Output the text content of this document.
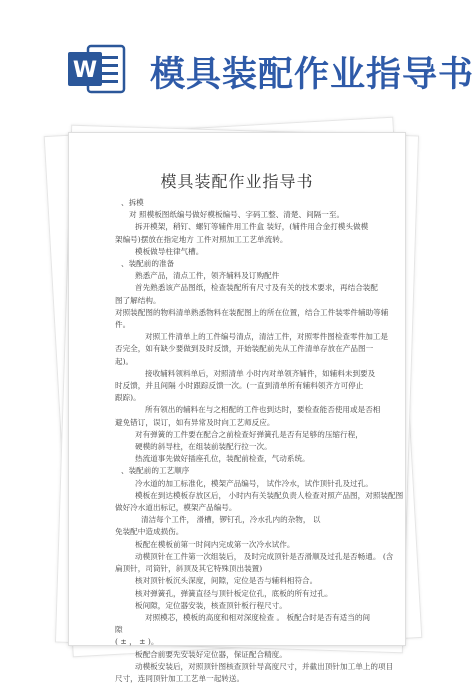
W 模具装配作业指导书
模具装配作业指导书
、拆模
对 照模板图纸编号做好模板编号、字码工整、清楚、间隔一至。
拆开模架，稍钉、螺钉等辅件用工件盒 装好，(辅件用合金打模头做模
架编号)摆放在指定地方 工件对照加工工艺单流转。
模板做导柱律气槽。
、装配前的准备
熟悉产品，清点工件，领齐辅料及订购配件
首先熟悉该产品图纸，检查装配所有尺寸及有关的技术要求，再结合装配
图了解结构。
对照装配图的物料清单熟悉物料在装配图上的所在位置，结合工件装零件辅助等辅
件。
对照工件清单上的工件编号清点，清洁工件，对照零件图检查零件加工是
否完全，如有缺少要做到及时反馈，开始装配前先从工件清单存放在产品图一
起)。
接收辅料领料单后，对照清单 小时内对单领齐辅件，如辅料未到要及
时反馈，并且间隔 小时跟踪反馈一次。(一直到清单所有辅料领齐方可停止
跟踪)。
所有领出的辅料在与之相配的工件也到达时，要检查能否使用或是否相
避免错订，误订，如有异常及时向工艺师反应。
对有弹簧的工件要在配合之前检查好弹簧孔是否有足够的压缩行程，
硬模的斜导柱，在组装前装配行拉一次。
热流道事先做好插座孔位，装配前检查，气动系统。
、装配前的工艺顺序
冷水道的加工标准化，模架产品编号， 试作冷水，试作顶针孔及过孔。
模板在到达模板存放区后， 小时内有关装配负责人检查对照产品图，对照装配图
做好冷水道出标记，模架产品编号。
清洁每个工件， 滑槽，锣钉孔，冷水孔内的杂物， 以
免装配中造成损伤。
板配在模板前第一时间内完成第一次冷水试作。
动模顶针在工件第一次组装后， 及时完成顶针是否滑顺及过孔是否畅通。 (含
扁顶针，司筒针，斜顶及其它特殊顶出装置)
核对顶针板沉头深度，间隙，定位是否与辅料相符合。
核对弹簧孔，弹簧直径与顶针板定位孔，底板的所有过孔。
板间隙，定位器安装，核查顶针板行程尺寸。
对照模芯，模板的高度和相对深度检查 。 板配合时是否有适当的间
隙
( ± ， ± )。
板配合前要先安装好定位器，保证配合精度。
动模板安装后，对照顶针图核查顶针导高度尺寸，并截出顶针加工单上的项目
尺寸，连同顶针加工工艺单一起转送。
